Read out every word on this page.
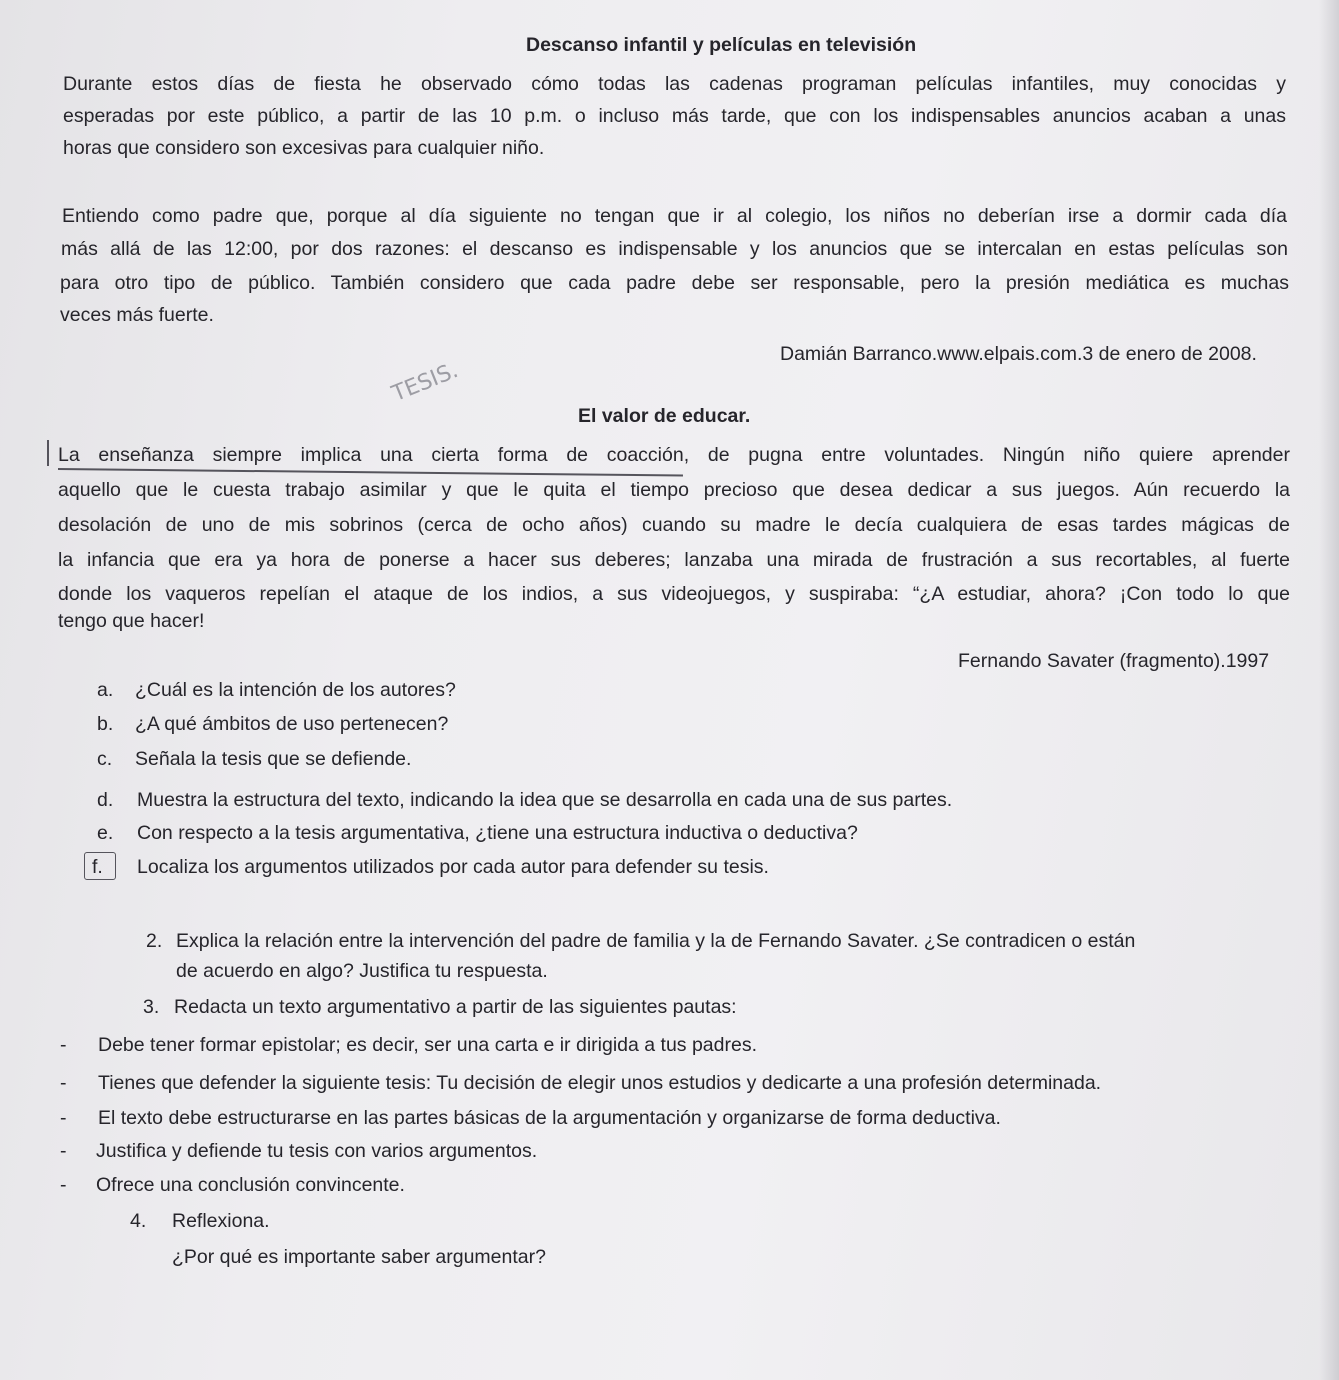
Descanso infantil y películas en televisión
Durante estos días de fiesta he observado cómo todas las cadenas programan películas infantiles, muy conocidas y
esperadas por este público, a partir de las 10 p.m. o incluso más tarde, que con los indispensables anuncios acaban a unas
horas que considero son excesivas para cualquier niño.
Entiendo como padre que, porque al día siguiente no tengan que ir al colegio, los niños no deberían irse a dormir cada día
más allá de las 12:00, por dos razones: el descanso es indispensable y los anuncios que se intercalan en estas películas son
para otro tipo de público. También considero que cada padre debe ser responsable, pero la presión mediática es muchas
veces más fuerte.
Damián Barranco.www.elpais.com.3 de enero de 2008.
TESIS.
El valor de educar.
La enseñanza siempre implica una cierta forma de coacción, de pugna entre voluntades. Ningún niño quiere aprender
aquello que le cuesta trabajo asimilar y que le quita el tiempo precioso que desea dedicar a sus juegos. Aún recuerdo la
desolación de uno de mis sobrinos (cerca de ocho años) cuando su madre le decía cualquiera de esas tardes mágicas de
la infancia que era ya hora de ponerse a hacer sus deberes; lanzaba una mirada de frustración a sus recortables, al fuerte
donde los vaqueros repelían el ataque de los indios, a sus videojuegos, y suspiraba: “¿A estudiar, ahora? ¡Con todo lo que
tengo que hacer!
Fernando Savater (fragmento).1997
a. ¿Cuál es la intención de los autores?
b. ¿A qué ámbitos de uso pertenecen?
c. Señala la tesis que se defiende.
d. Muestra la estructura del texto, indicando la idea que se desarrolla en cada una de sus partes.
e. Con respecto a la tesis argumentativa, ¿tiene una estructura inductiva o deductiva?
f. Localiza los argumentos utilizados por cada autor para defender su tesis.
2. Explica la relación entre la intervención del padre de familia y la de Fernando Savater. ¿Se contradicen o están
de acuerdo en algo? Justifica tu respuesta.
3. Redacta un texto argumentativo a partir de las siguientes pautas:
- Debe tener formar epistolar; es decir, ser una carta e ir dirigida a tus padres.
- Tienes que defender la siguiente tesis: Tu decisión de elegir unos estudios y dedicarte a una profesión determinada.
- El texto debe estructurarse en las partes básicas de la argumentación y organizarse de forma deductiva.
- Justifica y defiende tu tesis con varios argumentos.
- Ofrece una conclusión convincente.
4. Reflexiona.
¿Por qué es importante saber argumentar?
